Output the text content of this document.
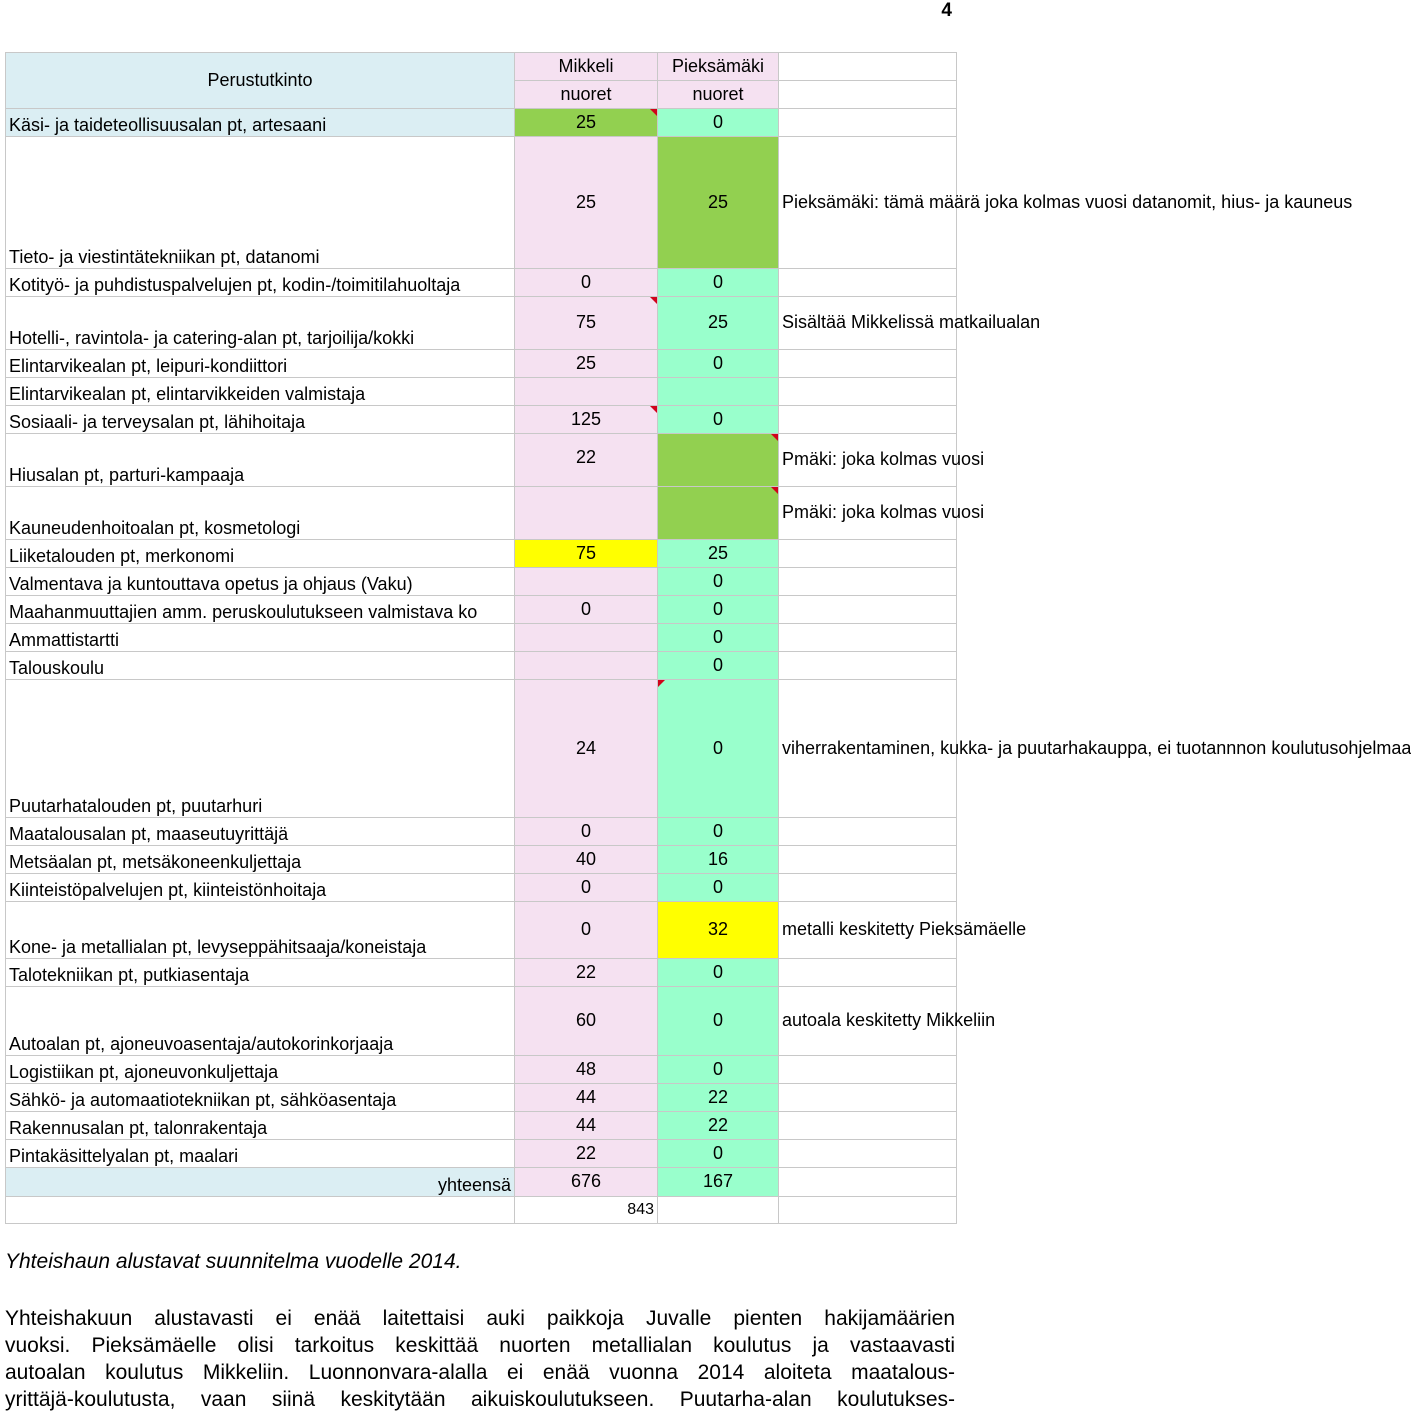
4
Perustutkinto	Mikkeli	Pieksämäki	
	nuoret	nuoret	
Käsi- ja taideteollisuusalan pt, artesaani	25	0	
Tieto- ja viestintätekniikan pt, datanomi	25	25	Pieksämäki: tämä määrä joka kolmas vuosi datanomit, hius- ja kauneus
Kotityö- ja puhdistuspalvelujen pt, kodin-/toimitilahuoltaja	0	0	
Hotelli-, ravintola- ja catering-alan pt, tarjoilija/kokki	75	25	Sisältää Mikkelissä matkailualan
Elintarvikealan pt, leipuri-kondiittori	25	0	
Elintarvikealan pt, elintarvikkeiden valmistaja			
Sosiaali- ja terveysalan pt, lähihoitaja	125	0	
Hiusalan pt, parturi-kampaaja	22		Pmäki: joka kolmas vuosi
Kauneudenhoitoalan pt, kosmetologi			Pmäki: joka kolmas vuosi
Liiketalouden pt, merkonomi	75	25	
Valmentava ja kuntouttava opetus ja ohjaus (Vaku)		0	
Maahanmuuttajien amm. peruskoulutukseen valmistava ko	0	0	
Ammattistartti		0	
Talouskoulu		0	
Puutarhatalouden pt, puutarhuri	24	0	viherrakentaminen, kukka- ja puutarhakauppa, ei tuotannnon koulutusohjelmaa
Maatalousalan pt, maaseutuyrittäjä	0	0	
Metsäalan pt, metsäkoneenkuljettaja	40	16	
Kiinteistöpalvelujen pt, kiinteistönhoitaja	0	0	
Kone- ja metallialan pt, levyseppähitsaaja/koneistaja	0	32	metalli keskitetty Pieksämäelle
Talotekniikan pt, putkiasentaja	22	0	
Autoalan pt, ajoneuvoasentaja/autokorinkorjaaja	60	0	autoala keskitetty Mikkeliin
Logistiikan pt, ajoneuvonkuljettaja	48	0	
Sähkö- ja automaatiotekniikan pt, sähköasentaja	44	22	
Rakennusalan pt, talonrakentaja	44	22	
Pintakäsittelyalan pt, maalari	22	0	
yhteensä	676	167	
	843		
Yhteishaun alustavat suunnitelma vuodelle 2014.
Yhteishakuun alustavasti ei enää laitettaisi auki paikkoja Juvalle pienten hakijamäärien
vuoksi. Pieksämäelle olisi tarkoitus keskittää nuorten metallialan koulutus ja vastaavasti
autoalan koulutus Mikkeliin. Luonnonvara-alalla ei enää vuonna 2014 aloiteta maatalous-
yrittäjä-koulutusta, vaan siinä keskitytään aikuiskoulutukseen. Puutarha-alan koulutukses-
